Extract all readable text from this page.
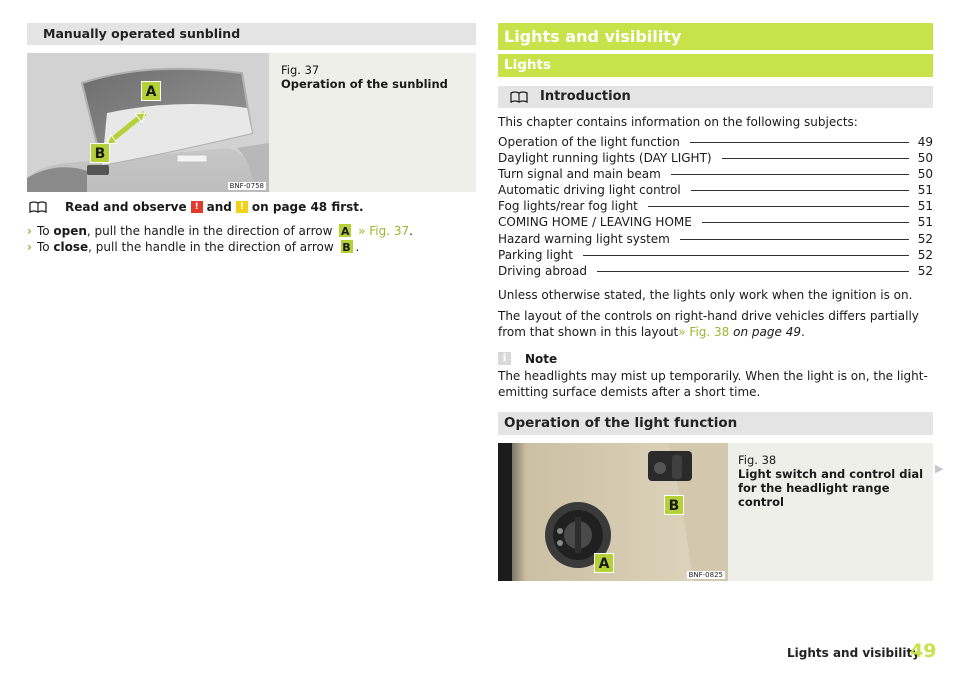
Manually operated sunblind
A
B
BNF-0758
Fig. 37
Operation of the sunblind
Read and observe ! and ! on page 48 first.
› To open, pull the handle in the direction of arrow A » Fig. 37.
› To close, pull the handle in the direction of arrow B .
Lights and visibility
Lights
Introduction

This chapter contains information on the following subjects:

Operation of the light function	49
Daylight running lights (DAY LIGHT)	50
Turn signal and main beam	50
Automatic driving light control	51
Fog lights/rear fog light	51
COMING HOME / LEAVING HOME	51
Hazard warning light system	52
Parking light	52
Driving abroad	52

Unless otherwise stated, the lights only work when the ignition is on.

The layout of the controls on right-hand drive vehicles differs partially from that shown in this layout» Fig. 38 on page 49.

i	Note

The headlights may mist up temporarily. When the light is on, the light-emitting surface demists after a short time.

Operation of the light function
B
A
BNF-0825
Fig. 38
Light switch and control dial for the headlight range control
▶
Lights and visibility
49
